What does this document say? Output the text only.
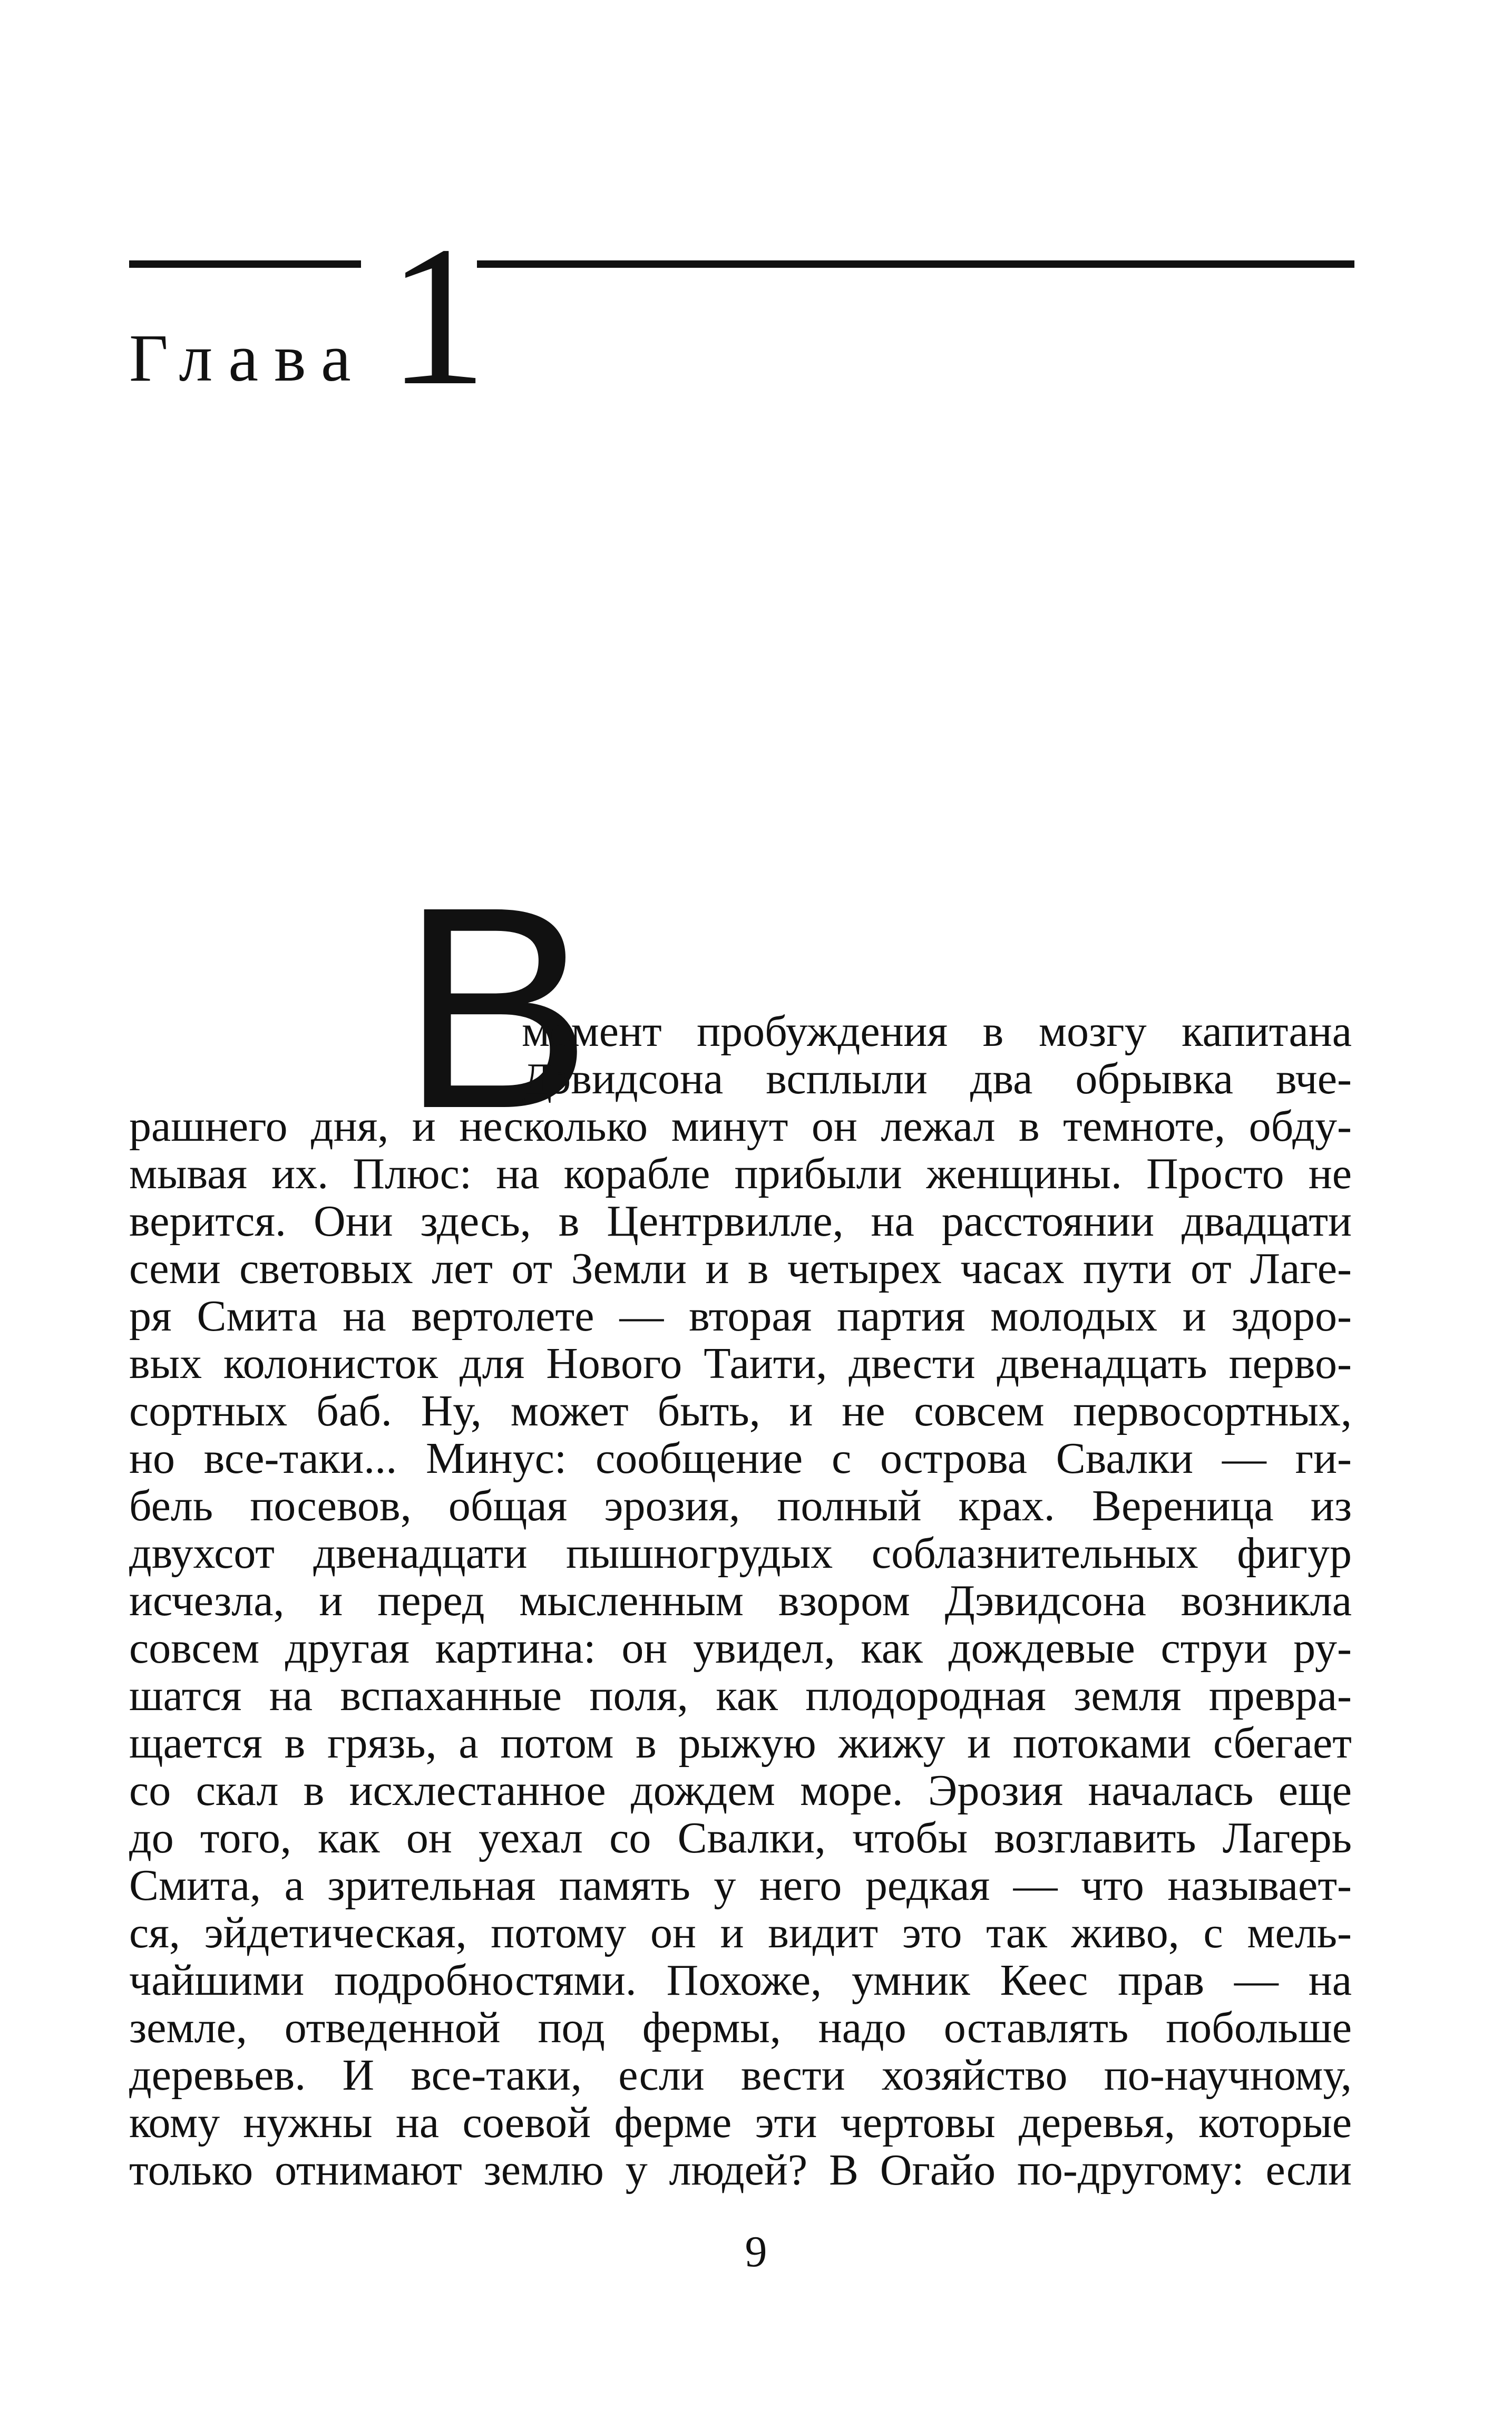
Глава 1
В
момент пробуждения в мозгу капитана
Дэвидсона всплыли два обрывка вче-
рашнего дня, и несколько минут он лежал в темноте, обду-
мывая их. Плюс: на корабле прибыли женщины. Просто не
верится. Они здесь, в Центрвилле, на расстоянии двадцати
семи световых лет от Земли и в четырех часах пути от Лаге-
ря Смита на вертолете — вторая партия молодых и здоро-
вых колонисток для Нового Таити, двести двенадцать перво-
сортных баб. Ну, может быть, и не совсем первосортных,
но все-таки... Минус: сообщение с острова Свалки — ги-
бель посевов, общая эрозия, полный крах. Вереница из
двухсот двенадцати пышногрудых соблазнительных фигур
исчезла, и перед мысленным взором Дэвидсона возникла
совсем другая картина: он увидел, как дождевые струи ру-
шатся на вспаханные поля, как плодородная земля превра-
щается в грязь, а потом в рыжую жижу и потоками сбегает
со скал в исхлестанное дождем море. Эрозия началась еще
до того, как он уехал со Свалки, чтобы возглавить Лагерь
Смита, а зрительная память у него редкая — что называет-
ся, эйдетическая, потому он и видит это так живо, с мель-
чайшими подробностями. Похоже, умник Кеес прав — на
земле, отведенной под фермы, надо оставлять побольше
деревьев. И все-таки, если вести хозяйство по-научному,
кому нужны на соевой ферме эти чертовы деревья, которые
только отнимают землю у людей? В Огайо по-другому: если
9
